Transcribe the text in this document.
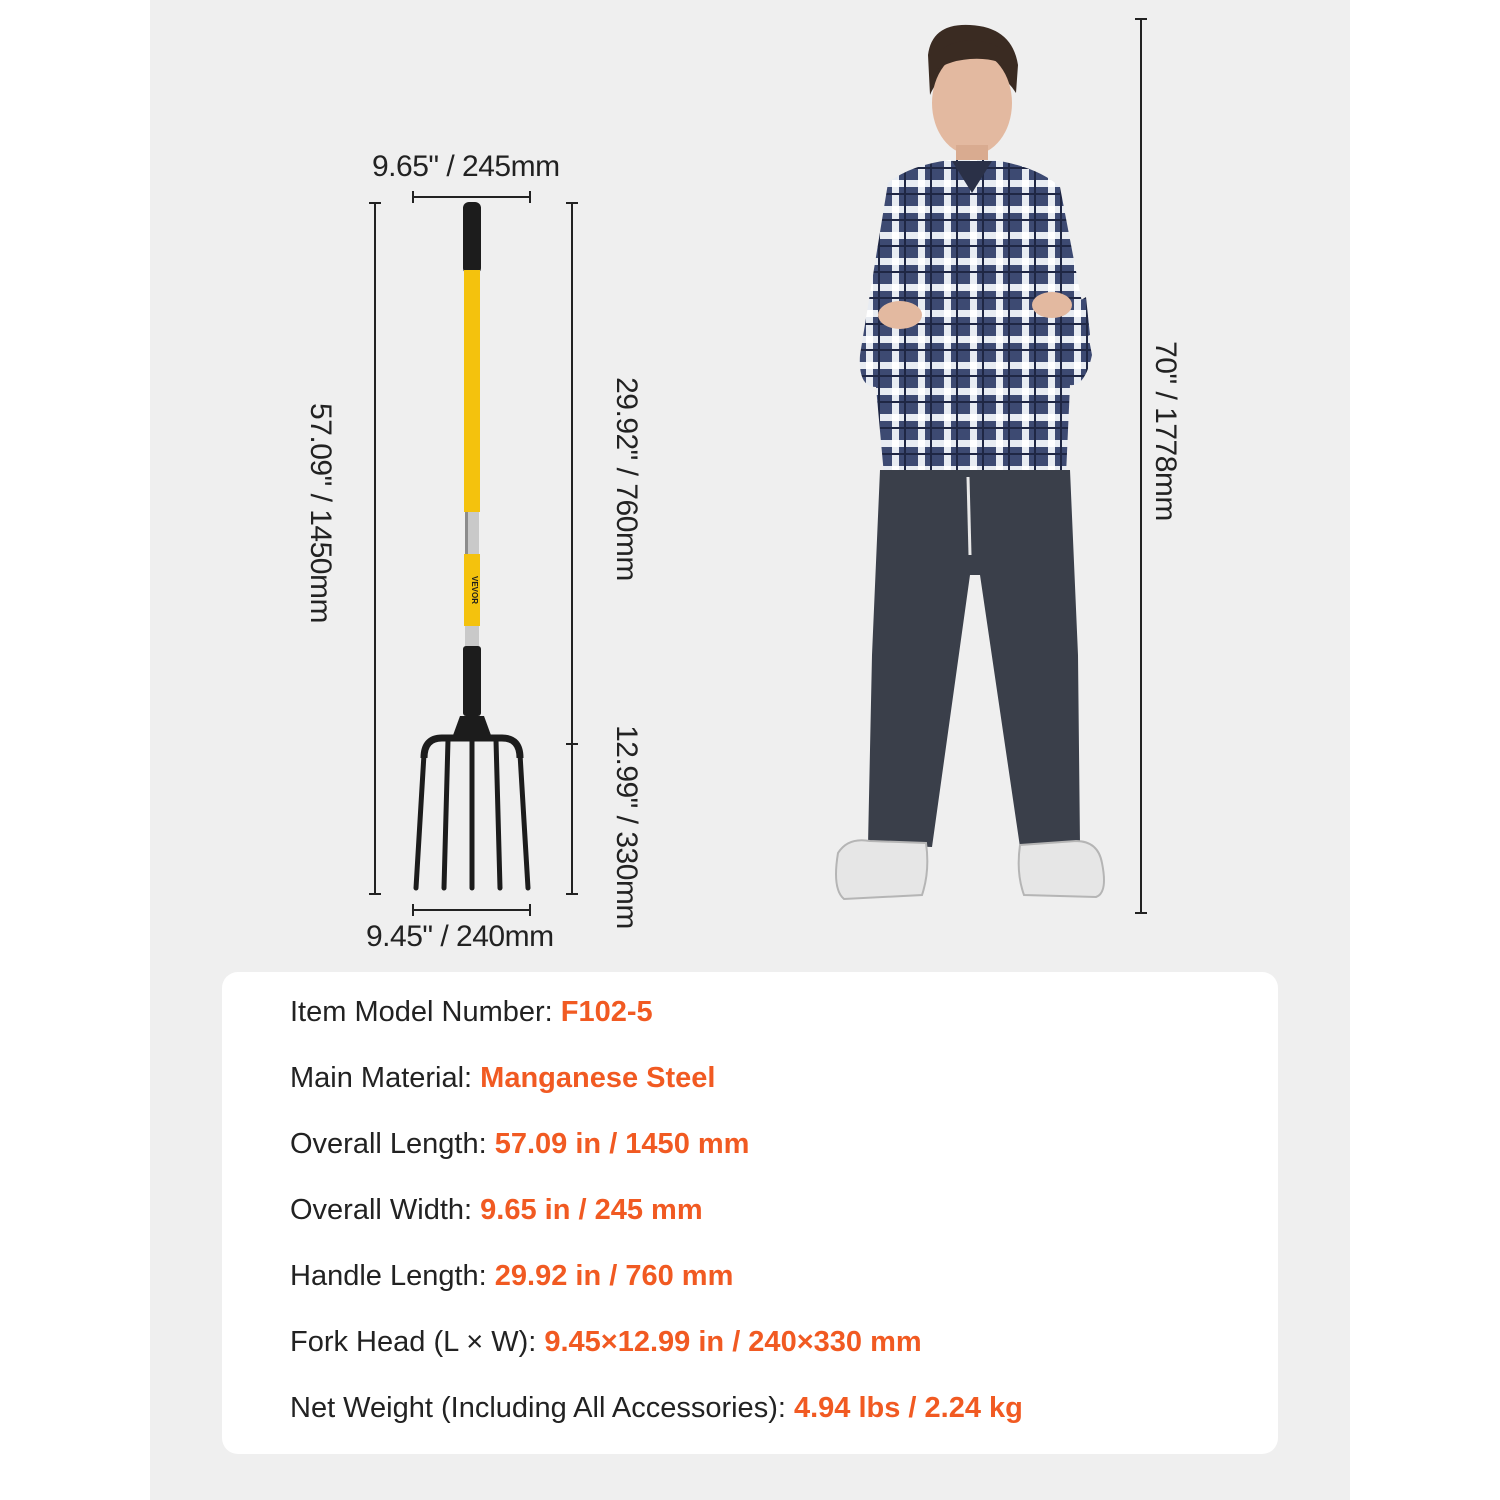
9.65" / 245mm
57.09" / 1450mm	29.92" / 760mm
12.99" / 330mm
9.45" / 240mm
70" / 1778mm
VEVOR
Item Model Number: F102-5
Main Material: Manganese Steel
Overall Length: 57.09 in / 1450 mm
Overall Width: 9.65 in / 245 mm
Handle Length: 29.92 in / 760 mm
Fork Head (L × W): 9.45×12.99 in / 240×330 mm
Net Weight (Including All Accessories): 4.94 lbs / 2.24 kg
